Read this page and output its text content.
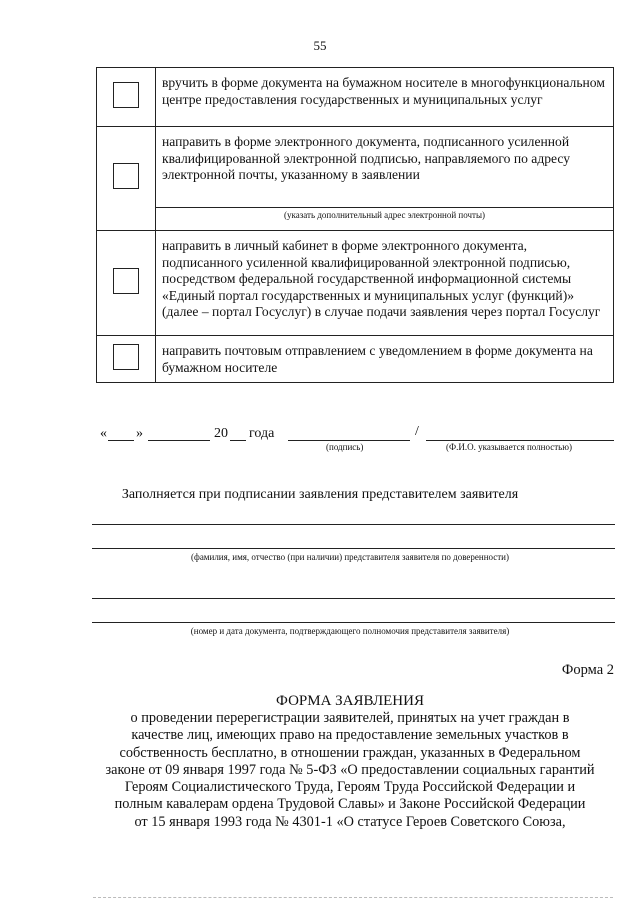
55

	вручить в форме документа на бумажном носителе в многофункциональном центре предоставления государственных и муниципальных услуг

	направить в форме электронного документа, подписанного усиленной квалифицированной электронной подписью, направляемого по адресу электронной почты, указанному в заявлении

	(указать дополнительный адрес электронной почты)

	направить в личный кабинет в форме электронного документа, подписанного усиленной квалифицированной электронной подписью, посредством федеральной государственной информационной системы «Единый портал государственных и муниципальных услуг (функций)» (далее – портал Госуслуг) в случае подачи заявления через портал Госуслуг

	направить почтовым отправлением с уведомлением в форме документа на бумажном носителе
« »	20 года	/
(подпись)	(Ф.И.О. указывается полностью)
Заполняется при подписании заявления представителем заявителя
(фамилия, имя, отчество (при наличии) представителя заявителя по доверенности)
(номер и дата документа, подтверждающего полномочия представителя заявителя)
Форма 2
ФОРМА ЗАЯВЛЕНИЯ
о проведении перерегистрации заявителей, принятых на учет граждан в
качестве лиц, имеющих право на предоставление земельных участков в
собственность бесплатно, в отношении граждан, указанных в Федеральном
законе от 09 января 1997 года № 5-ФЗ «О предоставлении социальных гарантий
Героям Социалистического Труда, Героям Труда Российской Федерации и
полным кавалерам ордена Трудовой Славы» и Законе Российской Федерации
от 15 января 1993 года № 4301-1 «О статусе Героев Советского Союза,
